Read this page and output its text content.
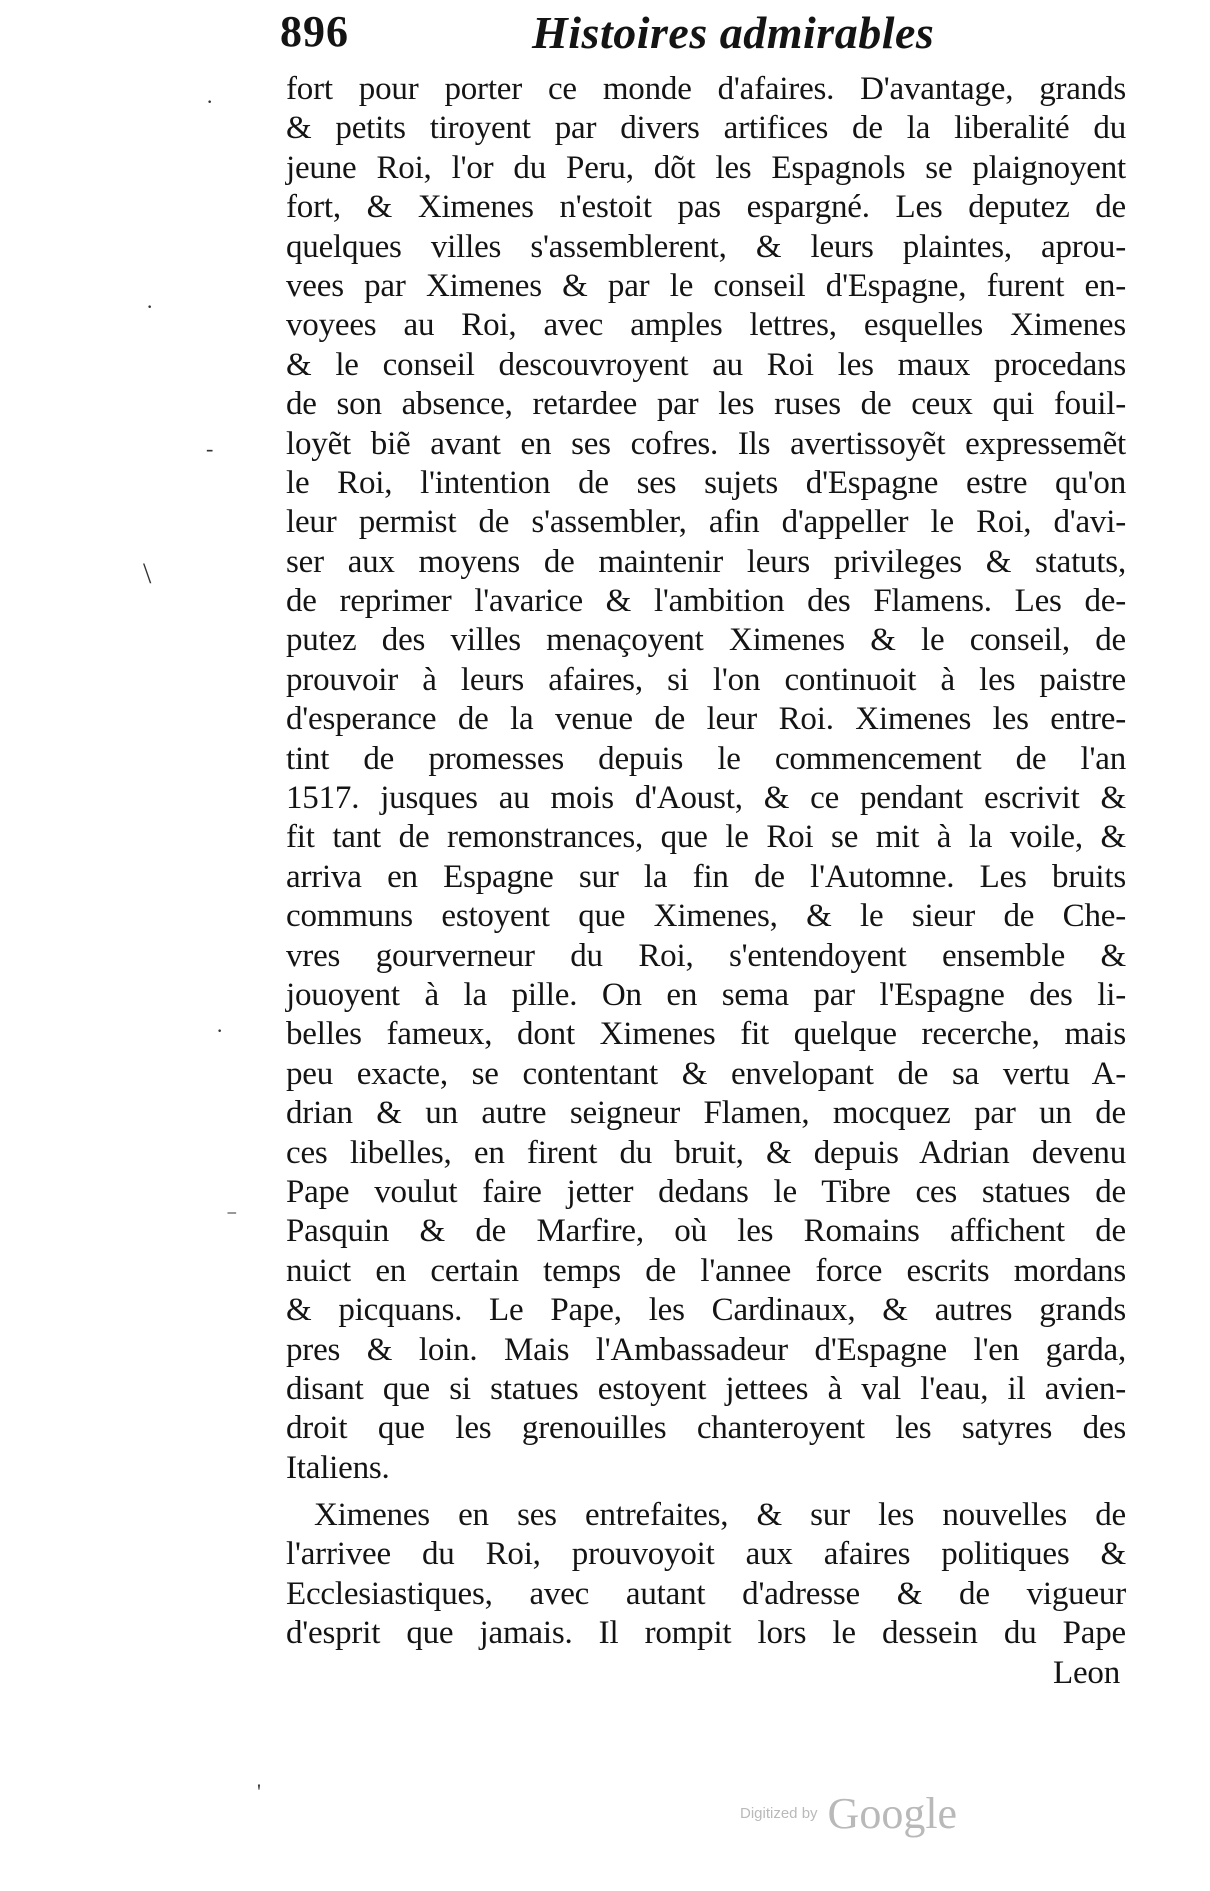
896	Histoires admirables
fort pour porter ce monde d'afaires. D'avantage, grands
& petits tiroyent par divers artifices de la liberalité du
jeune Roi, l'or du Peru, dõt les Espagnols se plaignoyent
fort, & Ximenes n'estoit pas espargné. Les deputez de
quelques villes s'assemblerent, & leurs plaintes, aprou-
vees par Ximenes & par le conseil d'Espagne, furent en-
voyees au Roi, avec amples lettres, esquelles Ximenes
& le conseil descouvroyent au Roi les maux procedans
de son absence, retardee par les ruses de ceux qui fouil-
loyẽt biẽ avant en ses cofres. Ils avertissoyẽt expressemẽt
le Roi, l'intention de ses sujets d'Espagne estre qu'on
leur permist de s'assembler, afin d'appeller le Roi, d'avi-
ser aux moyens de maintenir leurs privileges & statuts,
de reprimer l'avarice & l'ambition des Flamens. Les de-
putez des villes menaçoyent Ximenes & le conseil, de
prouvoir à leurs afaires, si l'on continuoit à les paistre
d'esperance de la venue de leur Roi. Ximenes les entre-
tint de promesses depuis le commencement de l'an
1517. jusques au mois d'Aoust, & ce pendant escrivit &
fit tant de remonstrances, que le Roi se mit à la voile, &
arriva en Espagne sur la fin de l'Automne. Les bruits
communs estoyent que Ximenes, & le sieur de Che-
vres gourverneur du Roi, s'entendoyent ensemble &
jouoyent à la pille. On en sema par l'Espagne des li-
belles fameux, dont Ximenes fit quelque recerche, mais
peu exacte, se contentant & envelopant de sa vertu A-
drian & un autre seigneur Flamen, mocquez par un de
ces libelles, en firent du bruit, & depuis Adrian devenu
Pape voulut faire jetter dedans le Tibre ces statues de
Pasquin & de Marfire, où les Romains affichent de
nuict en certain temps de l'annee force escrits mordans
& picquans. Le Pape, les Cardinaux, & autres grands
pres & loin. Mais l'Ambassadeur d'Espagne l'en garda,
disant que si statues estoyent jettees à val l'eau, il avien-
droit que les grenouilles chanteroyent les satyres des
Italiens.
Ximenes en ses entrefaites, & sur les nouvelles de
l'arrivee du Roi, prouvoyoit aux afaires politiques &
Ecclesiastiques, avec autant d'adresse & de vigueur
d'esprit que jamais. Il rompit lors le dessein du Pape
Leon
·
·
-
\
·
⁻
'
Digitized by Google
